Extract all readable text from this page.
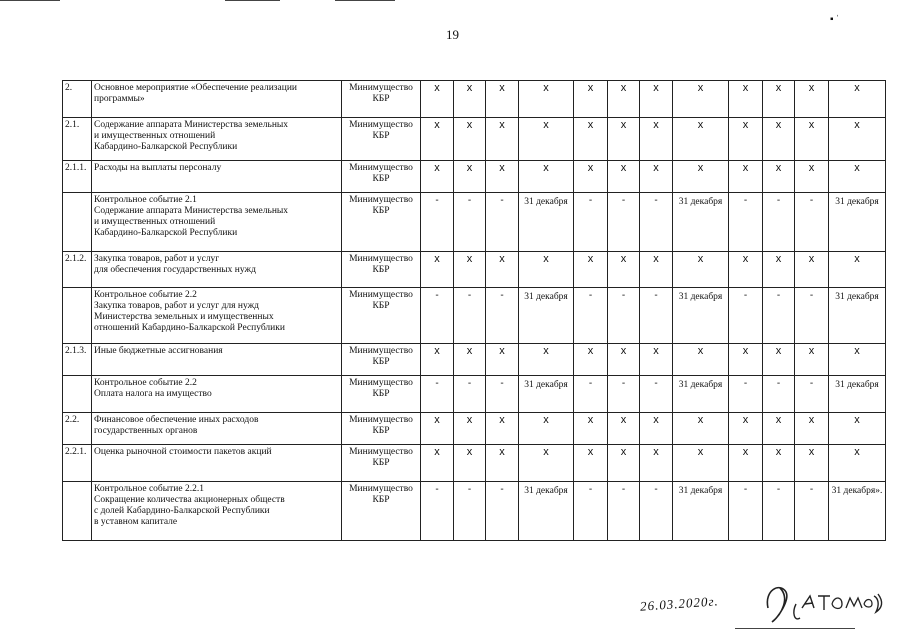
▪ ˈ
19
2.	Основное мероприятие «Обеспечение реализации
программы»	Минимущество
КБР	x	x	x	x	x	x	x	x	x	x	x	x
2.1.	Содержание аппарата Министерства земельных
и имущественных отношений
Кабардино-Балкарской Республики	Минимущество
КБР	x	x	x	x	x	x	x	x	x	x	x	x
2.1.1.	Расходы на выплаты персоналу	Минимущество
КБР	x	x	x	x	x	x	x	x	x	x	x	x

	Контрольное событие 2.1
Содержание аппарата Министерства земельных
и имущественных отношений
Кабардино-Балкарской Республики	Минимущество
КБР	-	-	-	31 декабря	-	-	-	31 декабря	-	-	-	31 декабря
2.1.2.	Закупка товаров, работ и услуг
для обеспечения государственных нужд	Минимущество
КБР	x	x	x	x	x	x	x	x	x	x	x	x

	Контрольное событие 2.2
Закупка товаров, работ и услуг для нужд
Министерства земельных и имущественных
отношений Кабардино-Балкарской Республики	Минимущество
КБР	-	-	-	31 декабря	-	-	-	31 декабря	-	-	-	31 декабря
2.1.3.	Иные бюджетные ассигнования	Минимущество
КБР	x	x	x	x	x	x	x	x	x	x	x	x

	Контрольное событие 2.2
Оплата налога на имущество	Минимущество
КБР	-	-	-	31 декабря	-	-	-	31 декабря	-	-	-	31 декабря
2.2.	Финансовое обеспечение иных расходов
государственных органов	Минимущество
КБР	x	x	x	x	x	x	x	x	x	x	x	x
2.2.1.	Оценка рыночной стоимости пакетов акций	Минимущество
КБР	x	x	x	x	x	x	x	x	x	x	x	x

	Контрольное событие 2.2.1
Сокращение количества акционерных обществ
с долей Кабардино-Балкарской Республики
в уставном капитале	Минимущество
КБР	-	-	-	31 декабря	-	-	-	31 декабря	-	-	-	31 декабря».
26.03.2020г.
